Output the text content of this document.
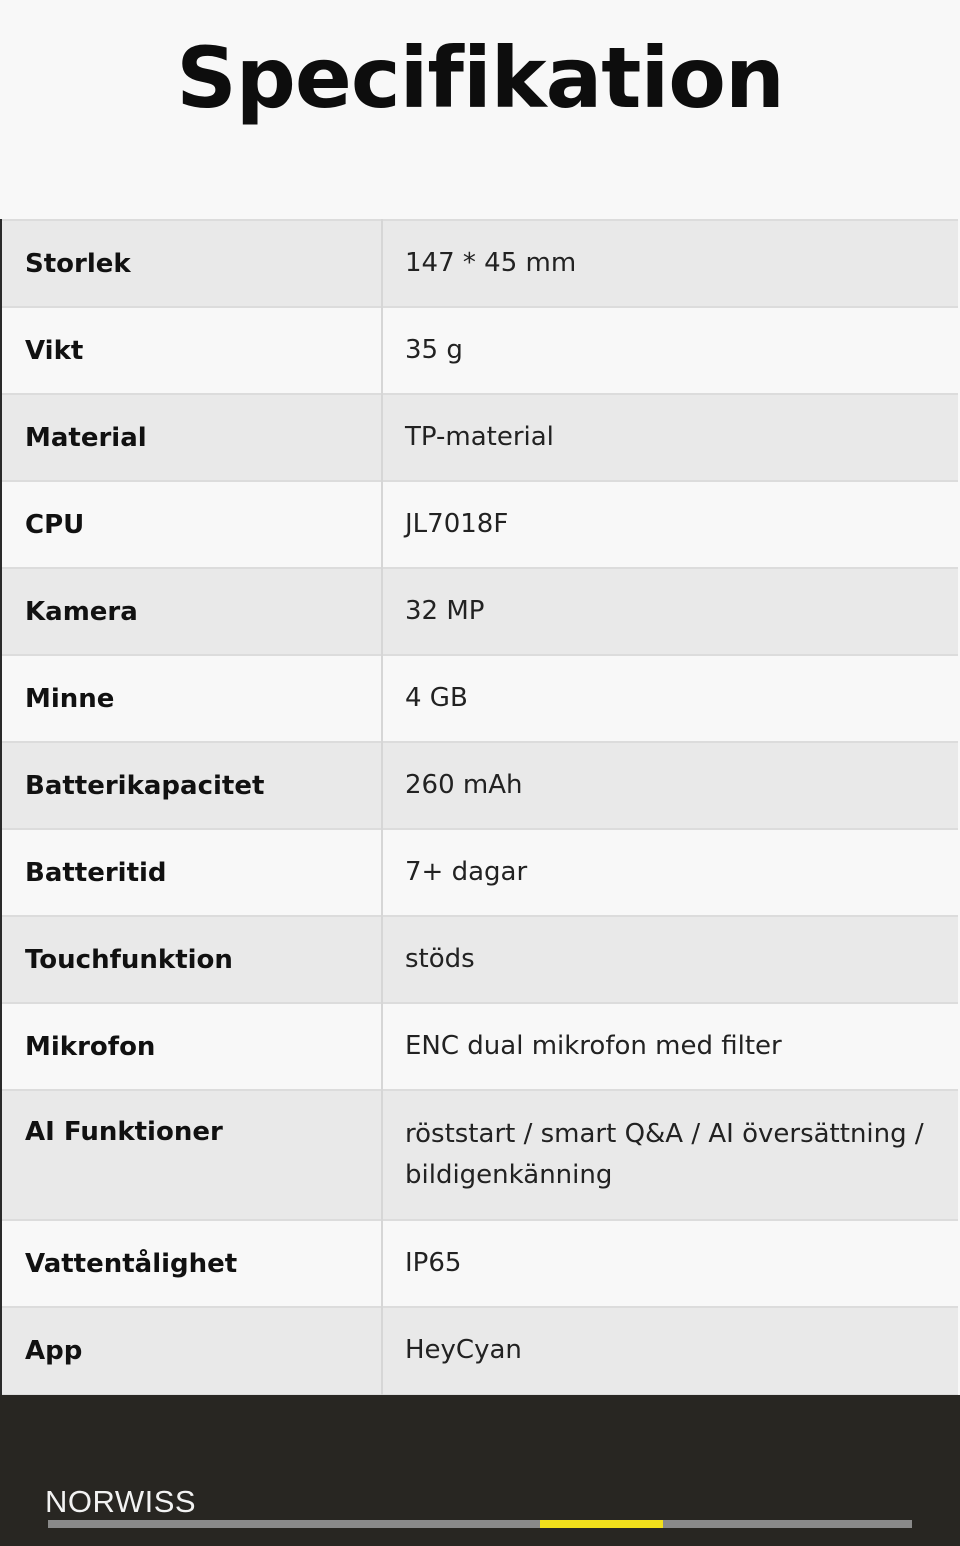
Specifikation
Storlek	147 * 45 mm
Vikt	35 g
Material	TP-material
CPU	JL7018F
Kamera	32 MP
Minne	4 GB
Batterikapacitet	260 mAh
Batteritid	7+ dagar
Touchfunktion	stöds
Mikrofon	ENC dual mikrofon med filter
AI Funktioner	röststart / smart Q&A / AI översättning / bildigenkänning
Vattentålighet	IP65
App	HeyCyan
NORWISS
